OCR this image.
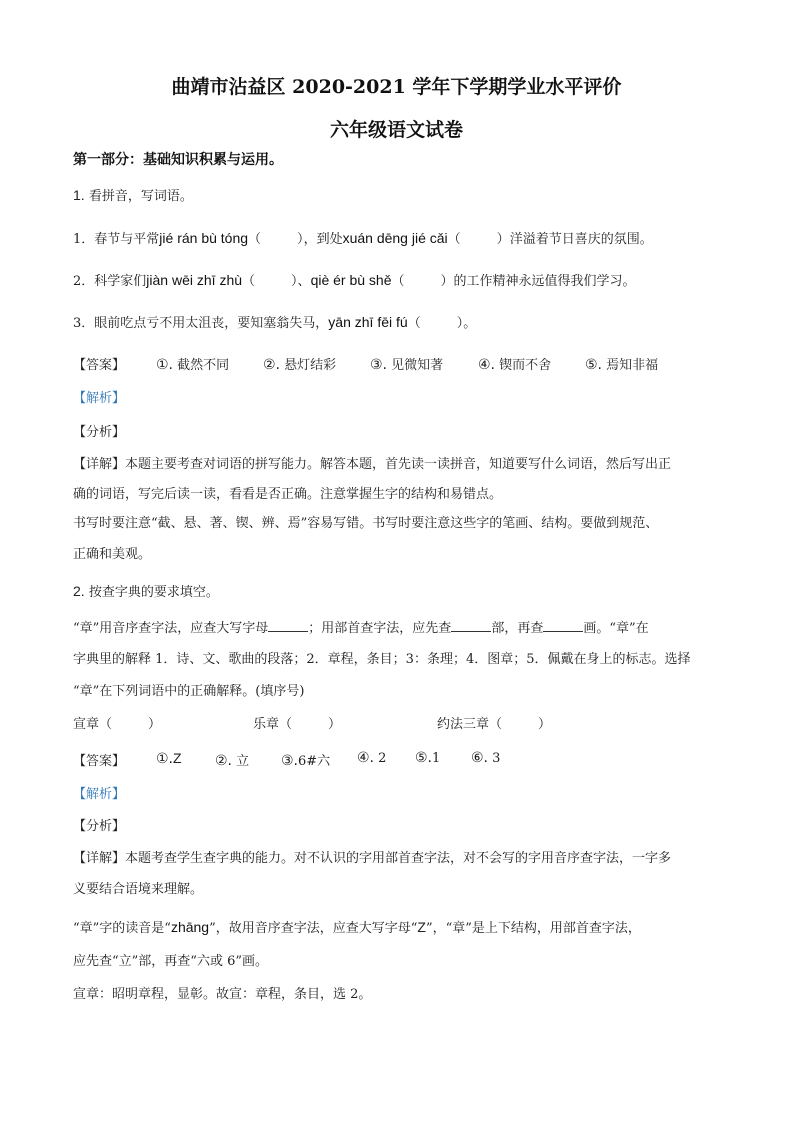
曲靖市沾益区 2020-2021 学年下学期学业水平评价
六年级语文试卷
第一部分：基础知识积累与运用。
1. 看拼音，写词语。
1．春节与平常jié rán bù tóng（	），到处xuán dēng jié cǎi（	）洋溢着节日喜庆的氛围。
2．科学家们jiàn wēi zhī zhù（	）、qiè ér bù shě（	）的工作精神永远值得我们学习。
3．眼前吃点亏不用太沮丧，要知塞翁失马，yān zhī fēi fú（	）。
【答案】 ①. 截然不同 ②. 悬灯结彩 ③. 见微知著 ④. 锲而不舍 ⑤. 焉知非福
【解析】
【分析】
【详解】本题主要考查对词语的拼写能力。解答本题，首先读一读拼音，知道要写什么词语，然后写出正
确的词语，写完后读一读，看看是否正确。注意掌握生字的结构和易错点。
书写时要注意“截、悬、著、锲、辨、焉”容易写错。书写时要注意这些字的笔画、结构。要做到规范、
正确和美观。
2. 按查字典的要求填空。
“章”用音序查字法，应查大写字母	；用部首查字法，应先查	部，再查	画。“章”在
字典里的解释 1．诗、文、歌曲的段落；2．章程，条目；3：条理；4．图章；5．佩戴在身上的标志。选择
“章”在下列词语中的正确解释。(填序号)
宣章（	）	乐章（	）	约法三章（	）
【答案】 ①.Z ②. 立 ③.6#六 ④. 2 ⑤.1 ⑥. 3
【解析】
【分析】
【详解】本题考查学生查字典的能力。对不认识的字用部首查字法，对不会写的字用音序查字法，一字多
义要结合语境来理解。
“章”字的读音是“zhāng”，故用音序查字法，应查大写字母“Z”，“章”是上下结构，用部首查字法，
应先查“立”部，再查“六或 6”画。
宣章：昭明章程，显彰。故宣：章程，条目，选 2。
